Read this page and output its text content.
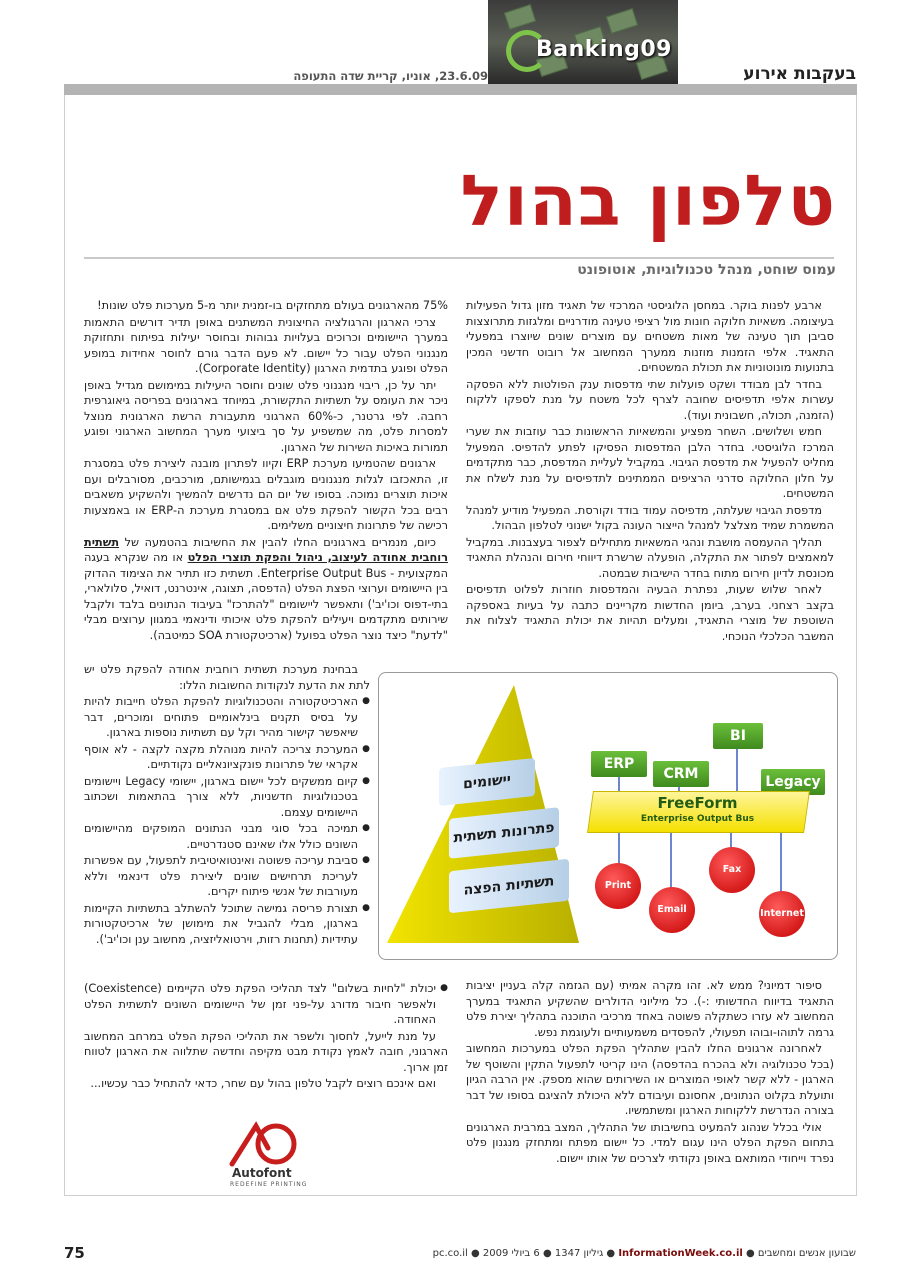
Banking09
בעקבות אירוע
23.6.09, אוניו, קריית שדה התעופה
טלפון בהול
עמוס שוחט, מנהל טכנולוגיות, אוטופונט

ארבע לפנות בוקר. במחסן הלוגיסטי המרכזי של תאגיד מזון גדול הפעילות בעיצומה. משאיות חלוקה חונות מול רציפי טעינה מודרניים ומלגזות מתרוצצות סביבן תוך טעינה של מאות משטחים עם מוצרים שונים שיוצרו במפעלי התאגיד. אלפי הזמנות מוזנות ממערך המחשוב אל רובוט חדשני המכין בתנועות מונוטוניות את תכולת המשטחים.

בחדר לבן מבודד ושקט פועלות שתי מדפסות ענק הפולטות ללא הפסקה עשרות אלפי תדפיסים שחובה לצרף לכל משטח על מנת לספקו ללקוח (הזמנה, תכולה, חשבונית ועוד).

חמש ושלושים. השחר מפציע והמשאיות הראשונות כבר עוזבות את שערי המרכז הלוגיסטי. בחדר הלבן המדפסות הפסיקו לפתע להדפיס. המפעיל מחליט להפעיל את מדפסת הגיבוי. במקביל לעליית המדפסת, כבר מתקדמים על חלון החלוקה סדרני הרציפים הממתינים לתדפיסים על מנת לשלח את המשטחים.

מדפסת הגיבוי שעלתה, מדפיסה עמוד בודד וקורסת. המפעיל מודיע למנהל המשמרת שמיד מצלצל למנהל הייצור העונה בקול ישנוני לטלפון הבהול.

תהליך ההעמסה מושבת ונהגי המשאיות מתחילים לצפור בעצבנות. במקביל למאמצים לפתור את התקלה, הופעלה שרשרת דיווחי חירום והנהלת התאגיד מכונסת לדיון חירום מתוח בחדר הישיבות שבמטה.

לאחר שלוש שעות, נפתרת הבעיה והמדפסות חוזרות לפלוט תדפיסים בקצב רצחני. בערב, ביומן החדשות מקריינים כתבה על בעיות באספקה השוטפת של מוצרי התאגיד, ומעלים תהיות את יכולת התאגיד לצלוח את המשבר הכלכלי הנוכחי.

75% מהארגונים בעולם מתחזקים בו-זמנית יותר מ-5 מערכות פלט שונות!

צרכי הארגון והרגולציה החיצונית המשתנים באופן תדיר דורשים התאמות במערך היישומים וכרוכים בעלויות גבוהות ובחוסר יעילות בפיתוח ותחזוקת מנגנוני הפלט עבור כל יישום. לא פעם הדבר גורם לחוסר אחידות במופע הפלט ופוגע בתדמית הארגון (Corporate Identity).

יתר על כן, ריבוי מנגנוני פלט שונים וחוסר היעילות במימושם מגדיל באופן ניכר את העומס על תשתיות התקשורת, במיוחד בארגונים בפריסה גיאוגרפית רחבה. לפי גרטנר, כ-60% הארגוני מתעבורת הרשת הארגונית מנוצל למסרות פלט, מה שמשפיע על סך ביצועי מערך המחשוב הארגוני ופוגע תמורות באיכות השירות של הארגון.

ארגונים שהטמיעו מערכת ERP וקיוו לפתרון מובנה ליצירת פלט במסגרת זו, התאכזבו לגלות מנגנונים מוגבלים בגמישותם, מורכבים, מסורבלים ועם איכות תוצרים נמוכה. בסופו של יום הם נדרשים להמשיך ולהשקיע משאבים רבים בכל הקשור להפקת פלט אם במסגרת מערכת ה-ERP או באמצעות רכישה של פתרונות חיצוניים משלימים.

כיום, מנמרים בארגונים החלו להבין את החשיבות בהטמעה של תשתית רוחבית אחודה לעיצוב, ניהול והפקת תוצרי הפלט או מה שנקרא בעגה המקצועית - Enterprise Output Bus. תשתית כזו תתיר את הצימוד ההדוק בין היישומים וערוצי הפצת הפלט (הדפסה, תצוגה, אינטרנט, דואיל, סלולארי, בתי-דפוס וכו'יב') ותאפשר ליישומים "להתרכז" בעיבוד הנתונים בלבד ולקבל שירותים מתקדמים ויעילים להפקת פלט איכותי ודינאמי במגוון ערוצים מבלי "לדעת" כיצד נוצר הפלט בפועל (ארכיטקטורת SOA כמיטבה).

בבחינת מערכת תשתית רוחבית אחודה להפקת פלט יש לתת את הדעת לנקודות החשובות הללו:

● הארכיטקטורה והטכנולוגיות להפקת הפלט חייבות להיות על בסיס תקנים בינלאומיים פתוחים ומוכרים, דבר שיאפשר קישור מהיר וקל עם תשתיות נוספות בארגון.
● המערכת צריכה להיות מנוהלת מקצה לקצה - לא אוסף אקראי של פתרונות פונקציונאליים נקודתיים.
● קיום ממשקים לכל יישום בארגון, יישומי Legacy ויישומים בטכנולוגיות חדשניות, ללא צורך בהתאמות ושכתוב היישומים עצמם.
● תמיכה בכל סוגי מבני הנתונים המופקים מהיישומים השונים כולל אלו שאינם סטנדרטיים.
● סביבת עריכה פשוטה ואינטואיטיבית לתפעול, עם אפשרות לעריכת תרחישים שונים ליצירת פלט דינאמי וללא מעורבות של אנשי פיתוח יקרים.
● תצורת פריסה גמישה שתוכל להשתלב בתשתיות הקיימות בארגון, מבלי להגביל את מימושן של ארכיטקטורות עתידיות (תחנות רזות, וירטואליזציה, מחשוב ענן וכו'יב').
יישומים
פתרונות תשתית
תשתיות הפצה
BI
ERP
CRM	Legacy
FreeForm
Enterprise Output Bus
Print
Email
Fax
Internet

סיפור דמיוני? ממש לא. זהו מקרה אמיתי (עם הגזמה קלה בעניין יציבות התאגיד בדיווח החדשותי :-). כל מיליוני הדולרים שהשקיע התאגיד במערך המחשוב לא עזרו כשתקלה פשוטה באחד מרכיבי התוכנה בתהליך יצירת פלט גרמה לתוהו-ובוהו תפעולי, להפסדים משמעותיים ולעוגמת נפש.

לאחרונה ארגונים החלו להבין שתהליך הפקת הפלט במערכות המחשוב (בכל טכנולוגיה ולא בהכרח בהדפסה) הינו קריטי לתפעול התקין והשוטף של הארגון - ללא קשר לאופי המוצרים או השירותים שהוא מספק. אין הרבה הגיון ותועלת בקלוט הנתונים, אחסונם ועיבודם ללא היכולת להציגם בסופו של דבר בצורה הנדרשת ללקוחות הארגון ומשתמשיו.

אולי בכלל שנהוג להמעיט בחשיבותו של התהליך, המצב במרבית הארגונים בתחום הפקת הפלט הינו עגום למדי. כל יישום מפתח ומתחזק מנגנון פלט נפרד וייחודי המותאם באופן נקודתי לצרכים של אותו יישום.

● יכולת "לחיות בשלום" לצד תהליכי הפקת פלט הקיימים (Coexistence) ולאפשר חיבור מדורג על-פני זמן של היישומים השונים לתשתית הפלט האחודה.

על מנת לייעל, לחסוך ולשפר את תהליכי הפקת הפלט במרחב המחשוב הארגוני, חובה לאמץ נקודת מבט מקיפה וחדשה שתלווה את הארגון לטווח זמן ארוך.

ואם אינכם רוצים לקבל טלפון בהול עם שחר, כדאי להתחיל כבר עכשיו...

Autofont
REDEFINE PRINTING
75	שבועון אנשים ומחשבים ● InformationWeek.co.il ● גיליון 1347 ● 6 ביולי 2009 ● pc.co.il
